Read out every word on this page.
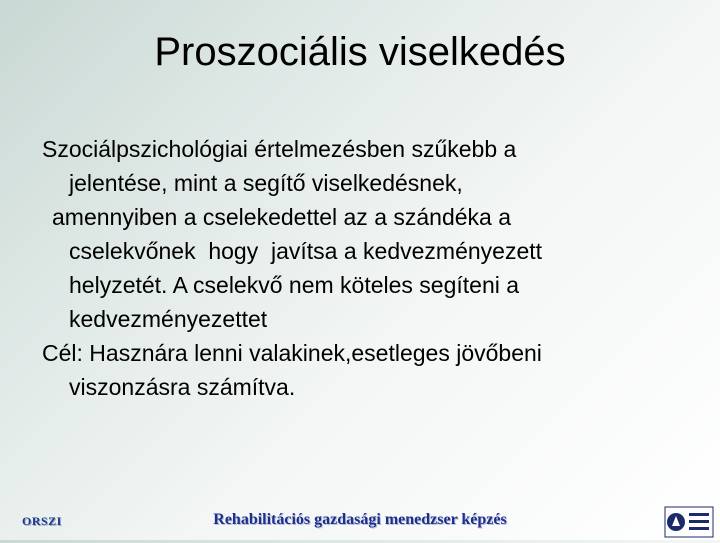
Proszociális viselkedés

Szociálpszichológiai értelmezésben szűkebb a
jelentése, mint a segítő viselkedésnek,

amennyiben a cselekedettel az a szándéka a
cselekvőnek  hogy  javítsa a kedvezményezett
helyzetét. A cselekvő nem köteles segíteni a
kedvezményezettet

Cél: Hasznára lenni valakinek,esetleges jövőbeni
viszonzásra számítva.

ORSZI	Rehabilitációs gazdasági menedzser képzés
